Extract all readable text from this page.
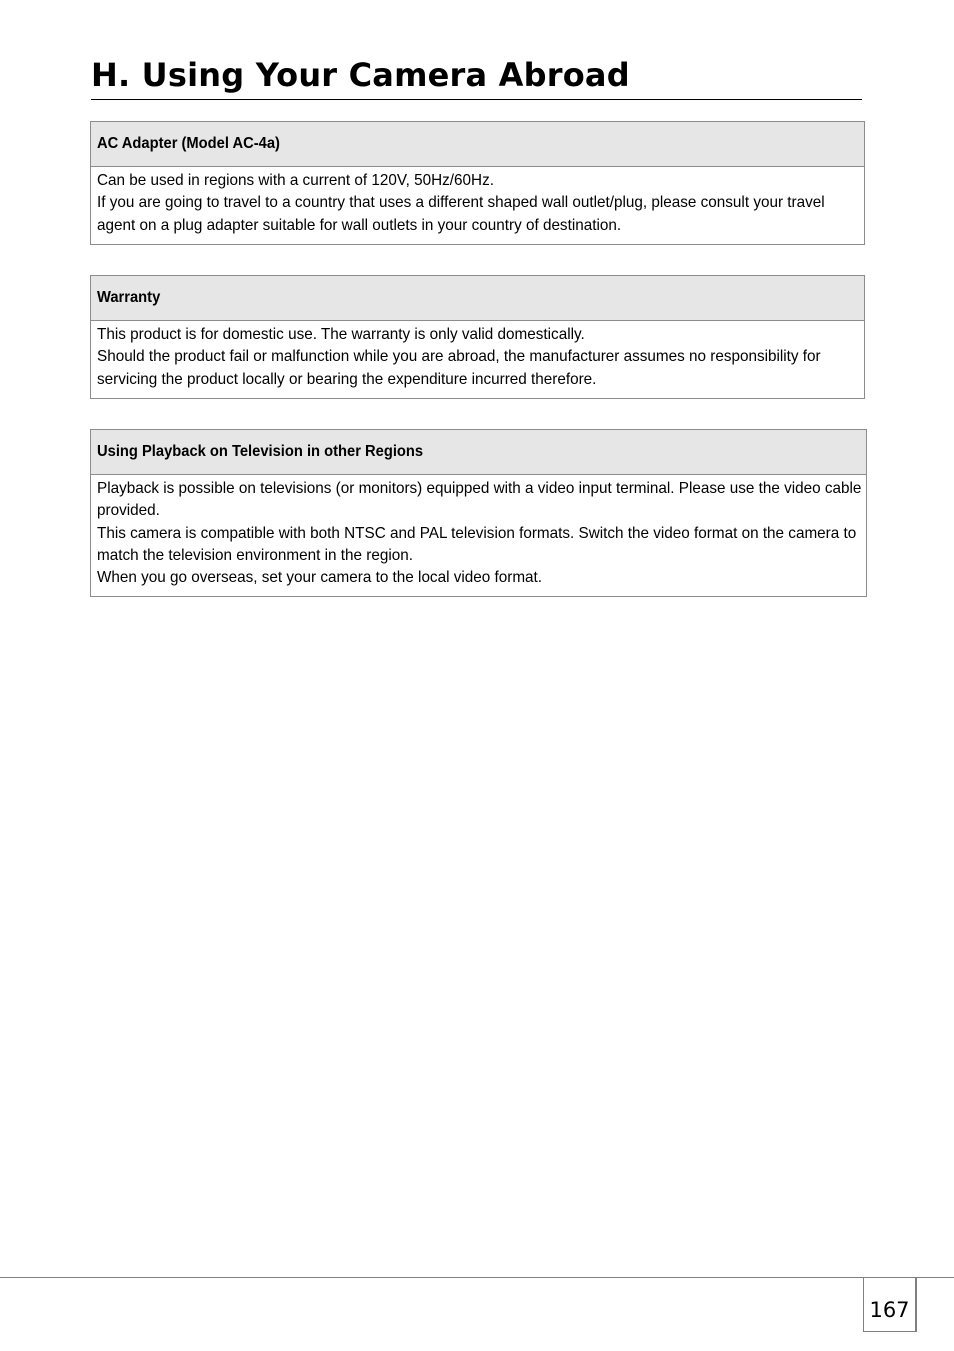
H. Using Your Camera Abroad
AC Adapter (Model AC-4a)

Can be used in regions with a current of 120V, 50Hz/60Hz.

If you are going to travel to a country that uses a different shaped wall outlet/plug, please consult your travel agent on a plug adapter suitable for wall outlets in your country of destination.

Warranty

This product is for domestic use. The warranty is only valid domestically.

Should the product fail or malfunction while you are abroad, the manufacturer assumes no responsibility for servicing the product locally or bearing the expenditure incurred therefore.

Using Playback on Television in other Regions

Playback is possible on televisions (or monitors) equipped with a video input terminal. Please use the video cable provided.

This camera is compatible with both NTSC and PAL television formats. Switch the video format on the camera to match the television environment in the region.

When you go overseas, set your camera to the local video format.

167
